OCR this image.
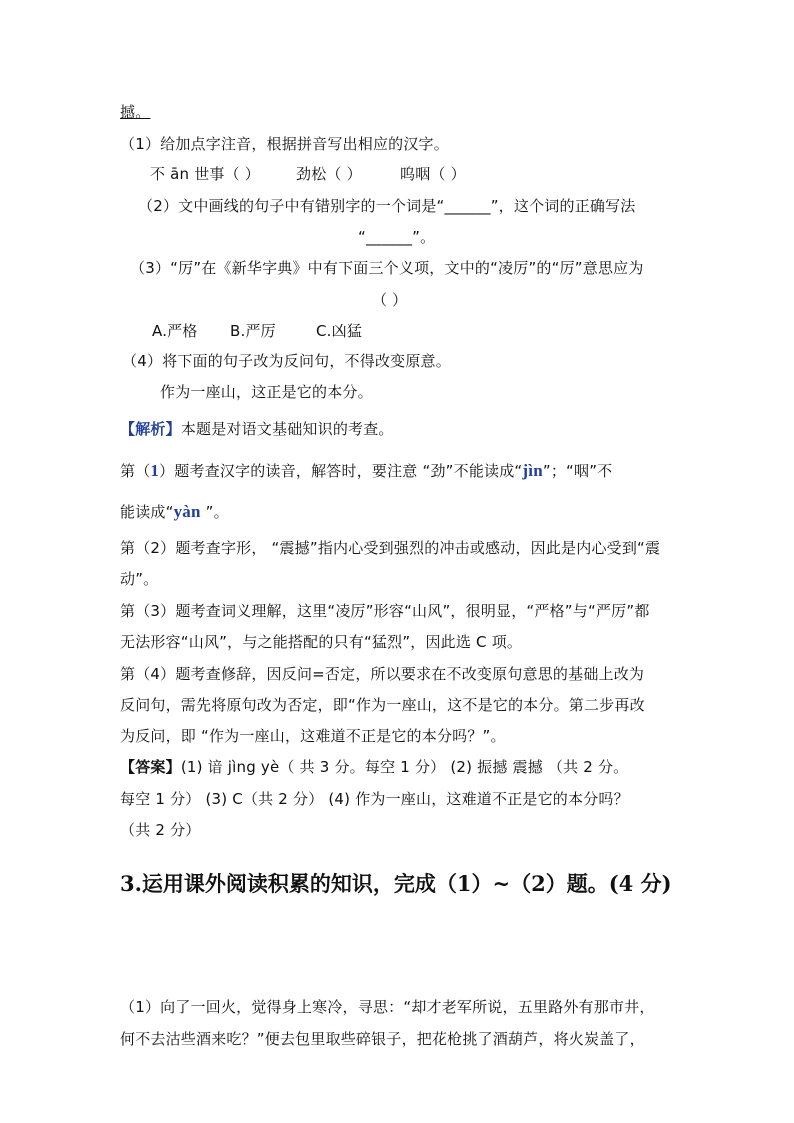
撼。
（1）给加点字注音，根据拼音写出相应的汉字。
不 ān 世事（ ） 劲松（ ）	呜咽（ ）
（2）文中画线的句子中有错别字的一个词是“______”，这个词的正确写法
“______”。
（3）“厉”在《新华字典》中有下面三个义项，文中的“凌厉”的“厉”意思应为
（ ）
A.严格 B.严厉	C.凶猛
（4）将下面的句子改为反问句，不得改变原意。
作为一座山，这正是它的本分。
【解析】本题是对语文基础知识的考查。
第（1）题考查汉字的读音，解答时，要注意 “劲”不能读成“jìn”；“咽”不
能读成“yàn ”。
第（2）题考查字形， “震撼”指内心受到强烈的冲击或感动，因此是内心受到“震
动”。
第（3）题考查词义理解，这里“凌厉”形容“山风”，很明显，“严格”与“严厉”都
无法形容“山风”，与之能搭配的只有“猛烈”，因此选 C 项。
第（4）题考查修辞，因反问=否定，所以要求在不改变原句意思的基础上改为
反问句，需先将原句改为否定，即“作为一座山，这不是它的本分。第二步再改
为反问，即 “作为一座山，这难道不正是它的本分吗？”。
【答案】(1) 谙 jìng yè（ 共 3 分。每空 1 分） (2) 振撼 震撼 （共 2 分。
每空 1 分） (3) C（共 2 分） (4) 作为一座山，这难道不正是它的本分吗？
（共 2 分）
3.运用课外阅读积累的知识，完成（1）~（2）题。(4 分)
（1）向了一回火，觉得身上寒冷，寻思：“却才老军所说，五里路外有那市井，
何不去沽些酒来吃？”便去包里取些碎银子，把花枪挑了酒葫芦，将火炭盖了，
